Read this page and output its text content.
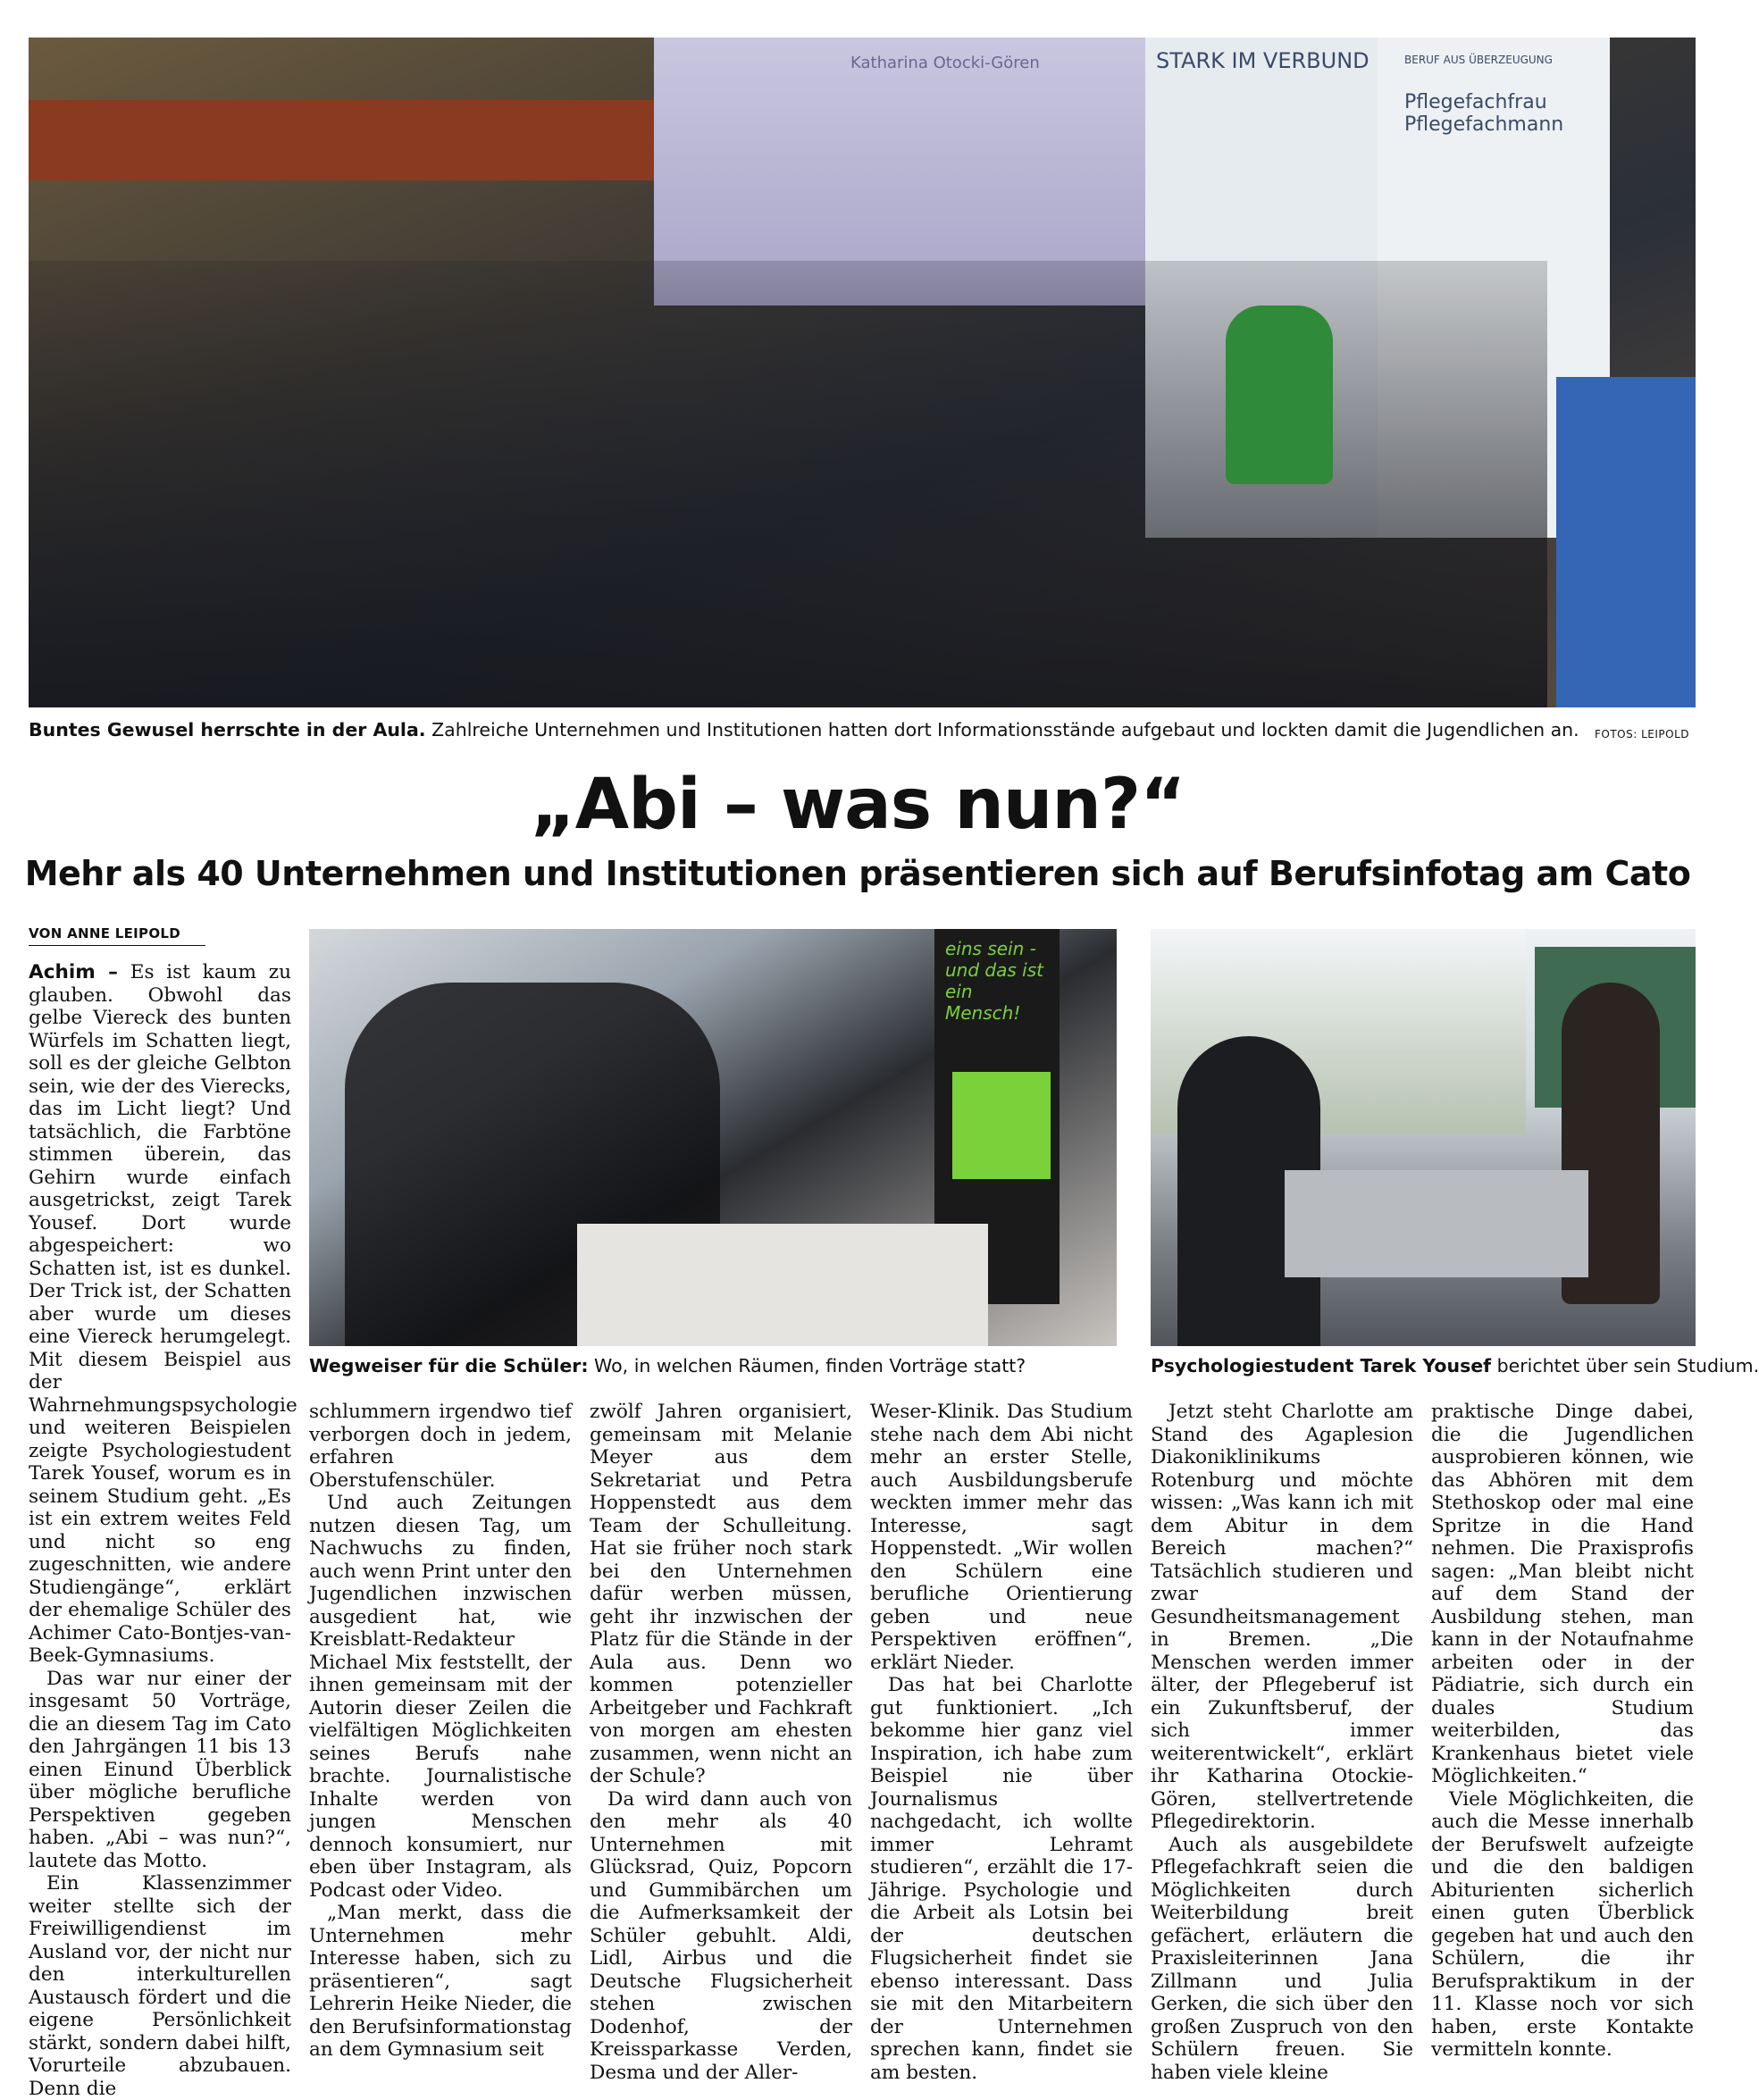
STARK IM VERBUND
Pflegefachfrau Pflegefachmann
BERUF AUS ÜBERZEUGUNG
Katharina Otocki-Gören
Buntes Gewusel herrschte in der Aula. Zahlreiche Unternehmen und Institutionen hatten dort Informationsstände aufgebaut und lockten damit die Jugendlichen an. FOTOS: LEIPOLD
„Abi – was nun?“
Mehr als 40 Unternehmen und Institutionen präsentieren sich auf Berufsinfotag am Cato
VON ANNE LEIPOLD
eins sein - und das ist ein Mensch!
Wegweiser für die Schüler: Wo, in welchen Räumen, finden Vorträge statt?	Psychologiestudent Tarek Yousef berichtet über sein Studium.

Achim – Es ist kaum zu glauben. Obwohl das gelbe Viereck des bunten Würfels im Schatten liegt, soll es der gleiche Gelbton sein, wie der des Vierecks, das im Licht liegt? Und tatsächlich, die Farbtöne stimmen überein, das Gehirn wurde einfach ausgetrickst, zeigt Tarek Yousef. Dort wurde abgespeichert: wo Schatten ist, ist es dunkel. Der Trick ist, der Schatten aber wurde um dieses eine Viereck herumgelegt. Mit diesem Beispiel aus der Wahrnehmungspsychologie und weiteren Beispielen zeigte Psychologiestudent Tarek Yousef, worum es in seinem Studium geht. „Es ist ein extrem weites Feld und nicht so eng zugeschnitten, wie andere Studiengänge“, erklärt der ehemalige Schüler des Achimer Cato-Bontjes-van-Beek-Gymnasiums.

Das war nur einer der insgesamt 50 Vorträge, die an diesem Tag im Cato den Jahrgängen 11 bis 13 einen Einund Überblick über mögliche berufliche Perspektiven gegeben haben. „Abi – was nun?“, lautete das Motto.

Ein Klassenzimmer weiter stellte sich der Freiwilligendienst im Ausland vor, der nicht nur den interkulturellen Austausch fördert und die eigene Persönlichkeit stärkt, sondern dabei hilft, Vorurteile abzubauen. Denn die

schlummern irgendwo tief verborgen doch in jedem, erfahren Oberstufenschüler.

Und auch Zeitungen nutzen diesen Tag, um Nachwuchs zu finden, auch wenn Print unter den Jugendlichen inzwischen ausgedient hat, wie Kreisblatt-Redakteur Michael Mix feststellt, der ihnen gemeinsam mit der Autorin dieser Zeilen die vielfältigen Möglichkeiten seines Berufs nahe brachte. Journalistische Inhalte werden von jungen Menschen dennoch konsumiert, nur eben über Instagram, als Podcast oder Video.

„Man merkt, dass die Unternehmen mehr Interesse haben, sich zu präsentieren“, sagt Lehrerin Heike Nieder, die den Berufsinformationstag an dem Gymnasium seit

zwölf Jahren organisiert, gemeinsam mit Melanie Meyer aus dem Sekretariat und Petra Hoppenstedt aus dem Team der Schulleitung. Hat sie früher noch stark bei den Unternehmen dafür werben müssen, geht ihr inzwischen der Platz für die Stände in der Aula aus. Denn wo kommen potenzieller Arbeitgeber und Fachkraft von morgen am ehesten zusammen, wenn nicht an der Schule?

Da wird dann auch von den mehr als 40 Unternehmen mit Glücksrad, Quiz, Popcorn und Gummibärchen um die Aufmerksamkeit der Schüler gebuhlt. Aldi, Lidl, Airbus und die Deutsche Flugsicherheit stehen zwischen Dodenhof, der Kreissparkasse Verden, Desma und der Aller-

Weser-Klinik. Das Studium stehe nach dem Abi nicht mehr an erster Stelle, auch Ausbildungsberufe weckten immer mehr das Interesse, sagt Hoppenstedt. „Wir wollen den Schülern eine berufliche Orientierung geben und neue Perspektiven eröffnen“, erklärt Nieder.

Das hat bei Charlotte gut funktioniert. „Ich bekomme hier ganz viel Inspiration, ich habe zum Beispiel nie über Journalismus nachgedacht, ich wollte immer Lehramt studieren“, erzählt die 17-Jährige. Psychologie und die Arbeit als Lotsin bei der deutschen Flugsicherheit findet sie ebenso interessant. Dass sie mit den Mitarbeitern der Unternehmen sprechen kann, findet sie am besten.

Jetzt steht Charlotte am Stand des Agaplesion Diakoniklinikums Rotenburg und möchte wissen: „Was kann ich mit dem Abitur in dem Bereich machen?“ Tatsächlich studieren und zwar Gesundheitsmanagement in Bremen. „Die Menschen werden immer älter, der Pflegeberuf ist ein Zukunftsberuf, der sich immer weiterentwickelt“, erklärt ihr Katharina Otockie-Gören, stellvertretende Pflegedirektorin.

Auch als ausgebildete Pflegefachkraft seien die Möglichkeiten durch Weiterbildung breit gefächert, erläutern die Praxisleiterinnen Jana Zillmann und Julia Gerken, die sich über den großen Zuspruch von den Schülern freuen. Sie haben viele kleine

praktische Dinge dabei, die die Jugendlichen ausprobieren können, wie das Abhören mit dem Stethoskop oder mal eine Spritze in die Hand nehmen. Die Praxisprofis sagen: „Man bleibt nicht auf dem Stand der Ausbildung stehen, man kann in der Notaufnahme arbeiten oder in der Pädiatrie, sich durch ein duales Studium weiterbilden, das Krankenhaus bietet viele Möglichkeiten.“

Viele Möglichkeiten, die auch die Messe innerhalb der Berufswelt aufzeigte und die den baldigen Abiturienten sicherlich einen guten Überblick gegeben hat und auch den Schülern, die ihr Berufspraktikum in der 11. Klasse noch vor sich haben, erste Kontakte vermitteln konnte.
